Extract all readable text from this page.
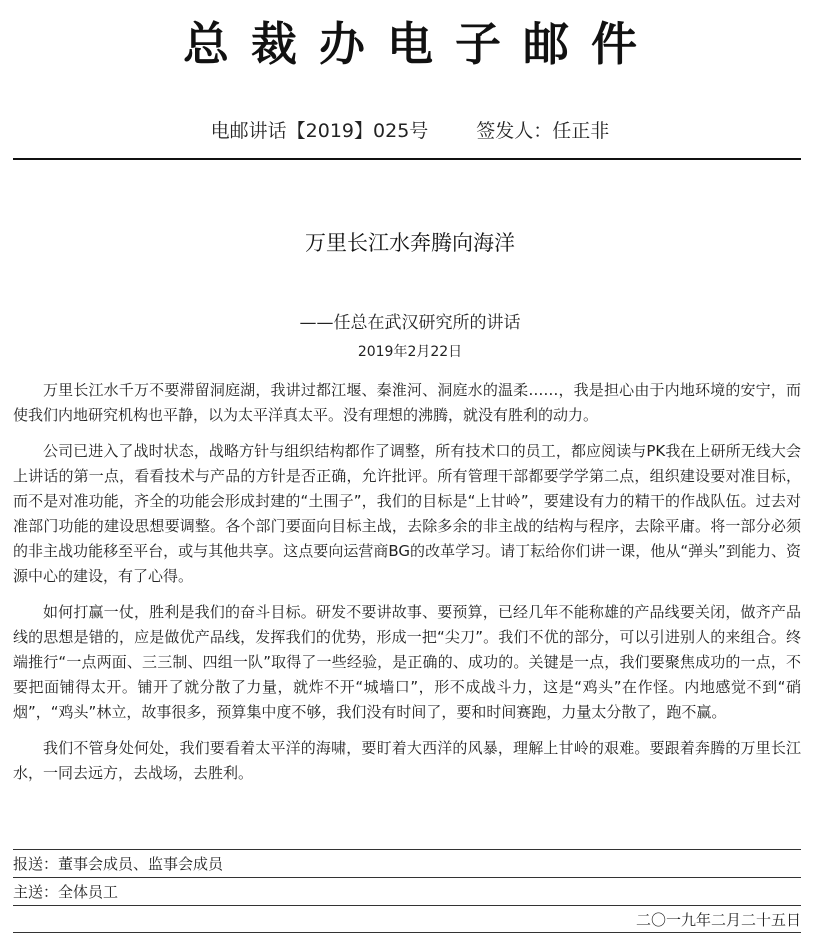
总裁办电子邮件
电邮讲话【2019】025号	签发人：任正非
万里长江水奔腾向海洋
——任总在武汉研究所的讲话
2019年2月22日

万里长江水千万不要滞留洞庭湖，我讲过都江堰、秦淮河、洞庭水的温柔……，我是担心由于内地环境的安宁，而使我们内地研究机构也平静，以为太平洋真太平。没有理想的沸腾，就没有胜利的动力。

公司已进入了战时状态，战略方针与组织结构都作了调整，所有技术口的员工，都应阅读与PK我在上研所无线大会上讲话的第一点，看看技术与产品的方针是否正确，允许批评。所有管理干部都要学学第二点，组织建设要对准目标，而不是对准功能，齐全的功能会形成封建的“土围子”，我们的目标是“上甘岭”，要建设有力的精干的作战队伍。过去对准部门功能的建设思想要调整。各个部门要面向目标主战，去除多余的非主战的结构与程序，去除平庸。将一部分必须的非主战功能移至平台，或与其他共享。这点要向运营商BG的改革学习。请丁耘给你们讲一课，他从“弹头”到能力、资源中心的建设，有了心得。

如何打赢一仗，胜利是我们的奋斗目标。研发不要讲故事、要预算，已经几年不能称雄的产品线要关闭，做齐产品线的思想是错的，应是做优产品线，发挥我们的优势，形成一把“尖刀”。我们不优的部分，可以引进别人的来组合。终端推行“一点两面、三三制、四组一队”取得了一些经验，是正确的、成功的。关键是一点，我们要聚焦成功的一点，不要把面铺得太开。铺开了就分散了力量，就炸不开“城墙口”，形不成战斗力，这是“鸡头”在作怪。内地感觉不到“硝烟”，“鸡头”林立，故事很多，预算集中度不够，我们没有时间了，要和时间赛跑，力量太分散了，跑不赢。

我们不管身处何处，我们要看着太平洋的海啸，要盯着大西洋的风暴，理解上甘岭的艰难。要跟着奔腾的万里长江水，一同去远方，去战场，去胜利。

报送：董事会成员、监事会成员
主送：全体员工
二〇一九年二月二十五日
